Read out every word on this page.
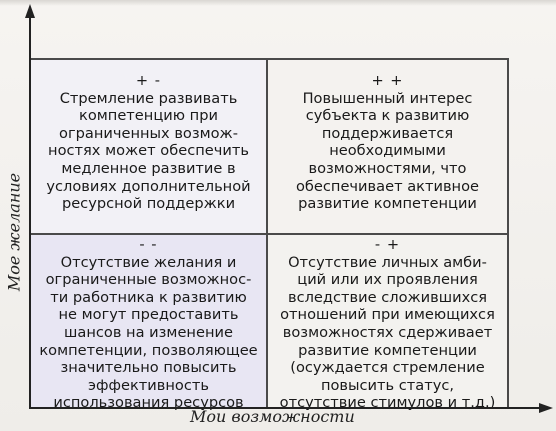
+ -
Стремление развивать
компетенцию при
ограниченных возмож-
ностях может обеспечить
медленное развитие в
условиях дополнительной
ресурсной поддержки
+ +
Повышенный интерес
субъекта к развитию
поддерживается
необходимыми
возможностями, что
обеспечивает активное
развитие компетенции
- -
Отсутствие желания и
ограниченные возможнос-
ти работника к развитию
не могут предоставить
шансов на изменение
компетенции, позволяющее
значительно повысить
эффективность
использования ресурсов
- +
Отсутствие личных амби-
ций или их проявления
вследствие сложившихся
отношений при имеющихся
возможностях сдерживает
развитие компетенции
(осуждается стремление
повысить статус,
отсутствие стимулов и т.д.)
Мое желание
Мои возможности
